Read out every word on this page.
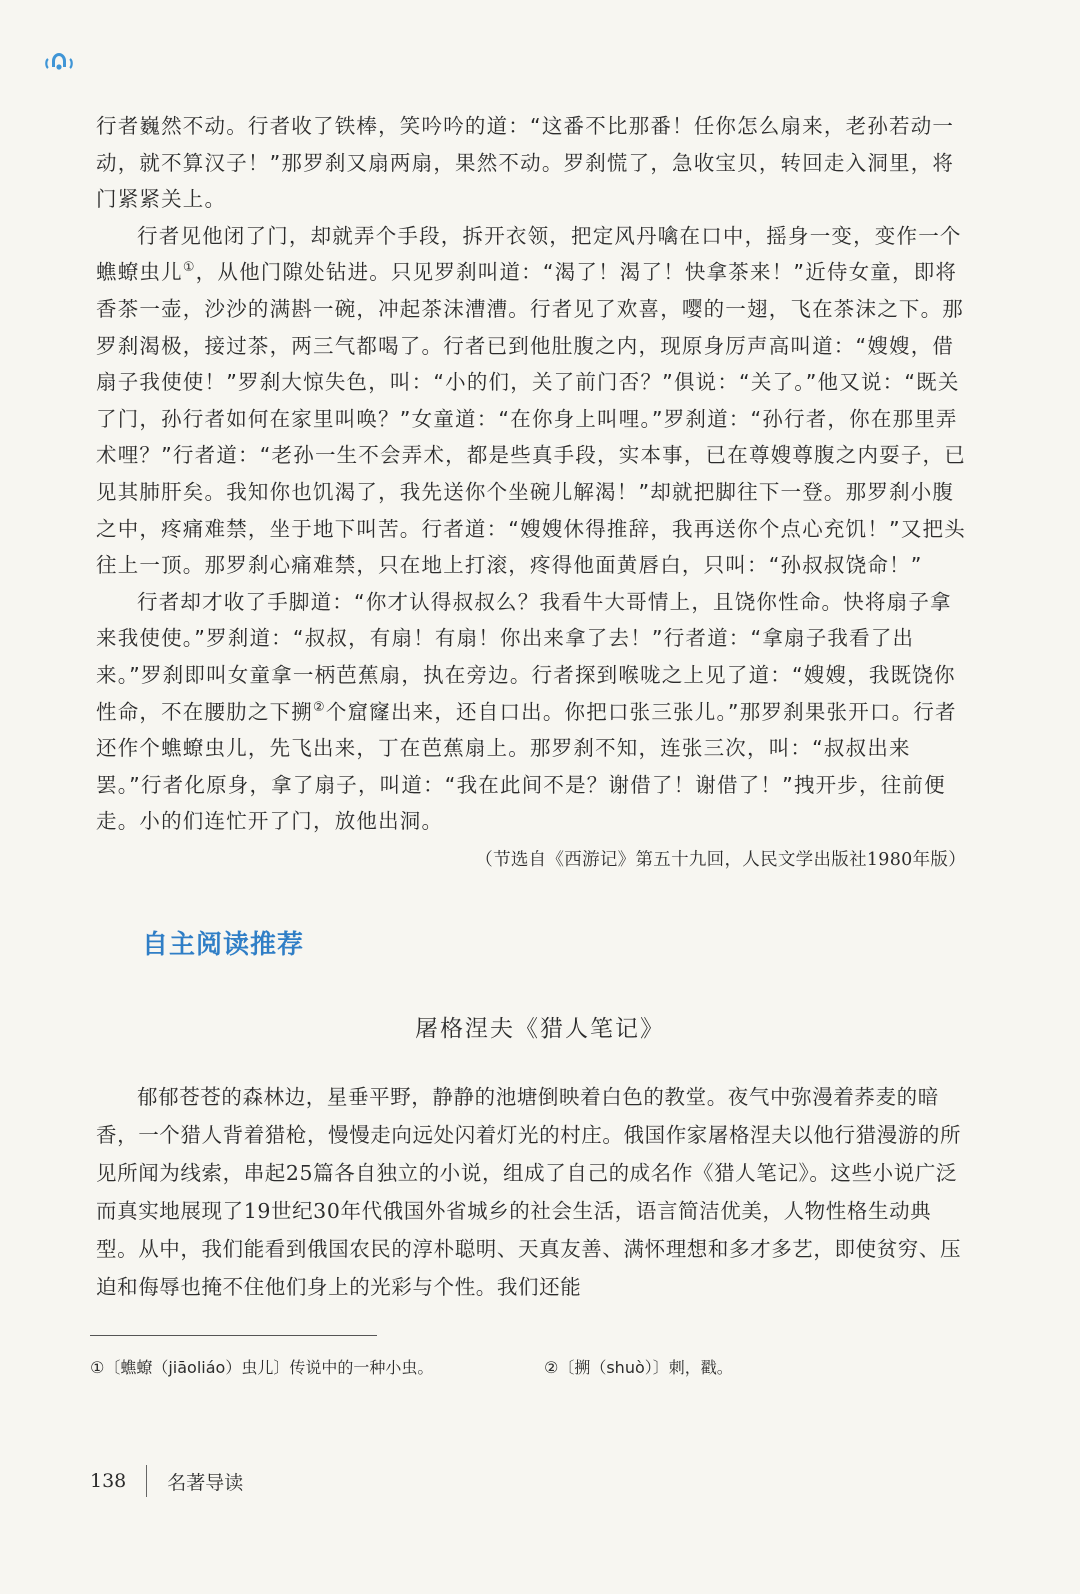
行者巍然不动。行者收了铁棒，笑吟吟的道：“这番不比那番！任你怎么扇来，老孙若动一动，就不算汉子！”那罗刹又扇两扇，果然不动。罗刹慌了，急收宝贝，转回走入洞里，将门紧紧关上。

行者见他闭了门，却就弄个手段，拆开衣领，把定风丹噙在口中，摇身一变，变作一个蟭蟟虫儿①，从他门隙处钻进。只见罗刹叫道：“渴了！渴了！快拿茶来！”近侍女童，即将香茶一壶，沙沙的满斟一碗，冲起茶沫漕漕。行者见了欢喜，嘤的一翅，飞在茶沫之下。那罗刹渴极，接过茶，两三气都喝了。行者已到他肚腹之内，现原身厉声高叫道：“嫂嫂，借扇子我使使！”罗刹大惊失色，叫：“小的们，关了前门否？”俱说：“关了。”他又说：“既关了门，孙行者如何在家里叫唤？”女童道：“在你身上叫哩。”罗刹道：“孙行者，你在那里弄术哩？”行者道：“老孙一生不会弄术，都是些真手段，实本事，已在尊嫂尊腹之内耍子，已见其肺肝矣。我知你也饥渴了，我先送你个坐碗儿解渴！”却就把脚往下一登。那罗刹小腹之中，疼痛难禁，坐于地下叫苦。行者道：“嫂嫂休得推辞，我再送你个点心充饥！”又把头往上一顶。那罗刹心痛难禁，只在地上打滚，疼得他面黄唇白，只叫：“孙叔叔饶命！”

行者却才收了手脚道：“你才认得叔叔么？我看牛大哥情上，且饶你性命。快将扇子拿来我使使。”罗刹道：“叔叔，有扇！有扇！你出来拿了去！”行者道：“拿扇子我看了出来。”罗刹即叫女童拿一柄芭蕉扇，执在旁边。行者探到喉咙之上见了道：“嫂嫂，我既饶你性命，不在腰肋之下搠②个窟窿出来，还自口出。你把口张三张儿。”那罗刹果张开口。行者还作个蟭蟟虫儿，先飞出来，丁在芭蕉扇上。那罗刹不知，连张三次，叫：“叔叔出来罢。”行者化原身，拿了扇子，叫道：“我在此间不是？谢借了！谢借了！”拽开步，往前便走。小的们连忙开了门，放他出洞。

（节选自《西游记》第五十九回，人民文学出版社1980年版）
自主阅读推荐
屠格涅夫《猎人笔记》

郁郁苍苍的森林边，星垂平野，静静的池塘倒映着白色的教堂。夜气中弥漫着荞麦的暗香，一个猎人背着猎枪，慢慢走向远处闪着灯光的村庄。俄国作家屠格涅夫以他行猎漫游的所见所闻为线索，串起25篇各自独立的小说，组成了自己的成名作《猎人笔记》。这些小说广泛而真实地展现了19世纪30年代俄国外省城乡的社会生活，语言简洁优美，人物性格生动典型。从中，我们能看到俄国农民的淳朴聪明、天真友善、满怀理想和多才多艺，即使贫穷、压迫和侮辱也掩不住他们身上的光彩与个性。我们还能

①〔蟭蟟（jiāoliáo）虫儿〕传说中的一种小虫。	②〔搠（shuò）〕刺，戳。
138 名著导读
